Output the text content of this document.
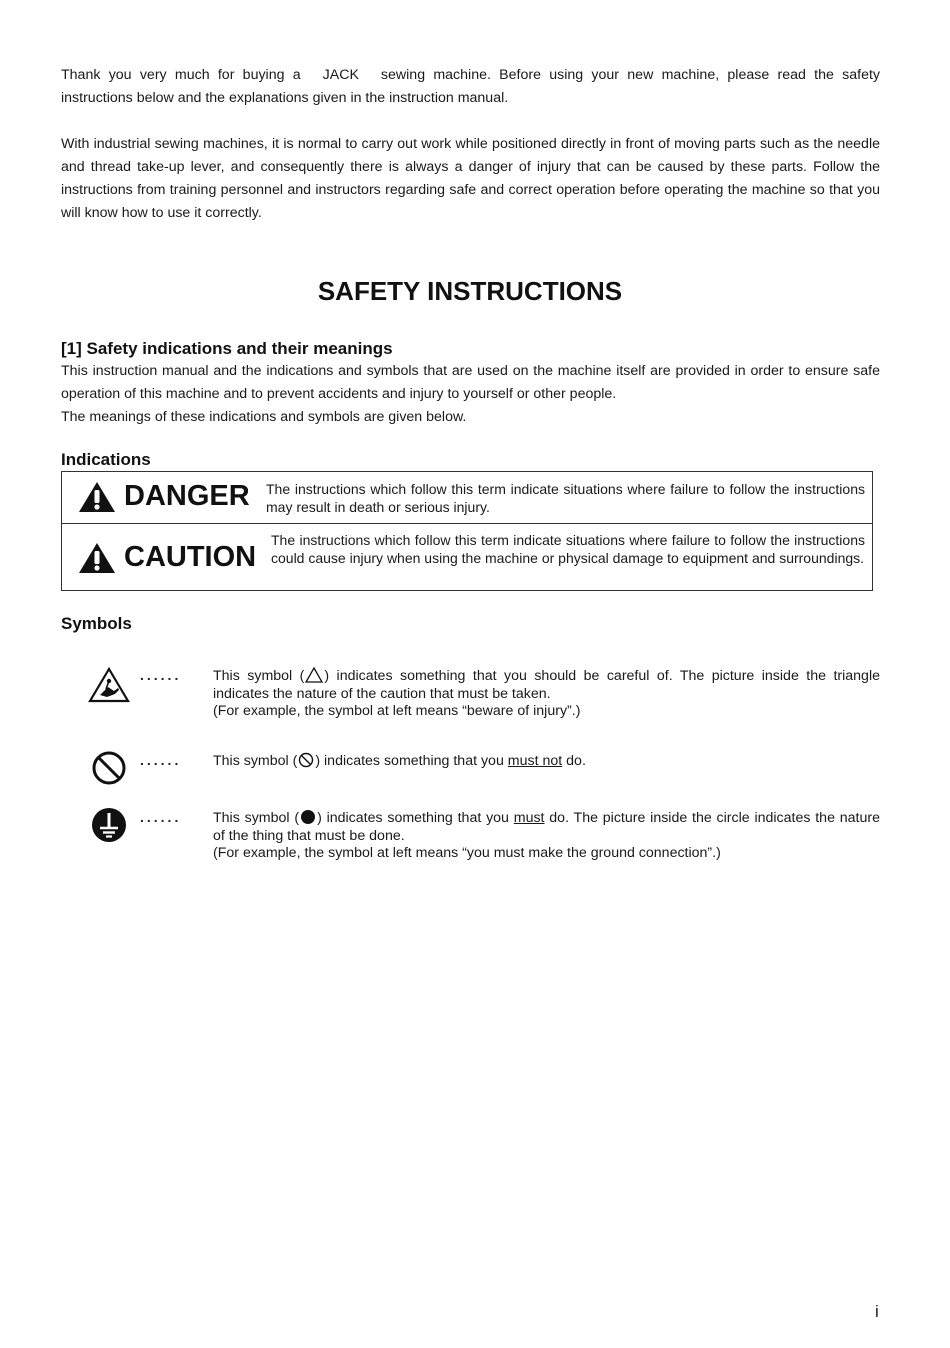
Thank you very much for buying a JACK sewing machine. Before using your new machine, please read the safety instructions below and the explanations given in the instruction manual.

With industrial sewing machines, it is normal to carry out work while positioned directly in front of moving parts such as the needle and thread take-up lever, and consequently there is always a danger of injury that can be caused by these parts. Follow the instructions from training personnel and instructors regarding safe and correct operation before operating the machine so that you will know how to use it correctly.

SAFETY INSTRUCTIONS
[1] Safety indications and their meanings
This instruction manual and the indications and symbols that are used on the machine itself are provided in order to ensure safe operation of this machine and to prevent accidents and injury to yourself or other people.
The meanings of these indications and symbols are given below.
Indications
DANGER The instructions which follow this term indicate situations where failure to follow the instructions may result in death or serious injury.

CAUTION

The instructions which follow this term indicate situations where failure to follow the instructions could cause injury when using the machine or physical damage to equipment and surroundings.

Symbols
...... This symbol ( ) indicates something that you should be careful of. The picture inside the triangle indicates the nature of the caution that must be taken.
(For example, the symbol at left means “beware of injury”.)

...... This symbol ( ) indicates something that you must not do.

...... This symbol ( ) indicates something that you must do. The picture inside the circle indicates the nature of the thing that must be done.
(For example, the symbol at left means “you must make the ground connection”.)

i
